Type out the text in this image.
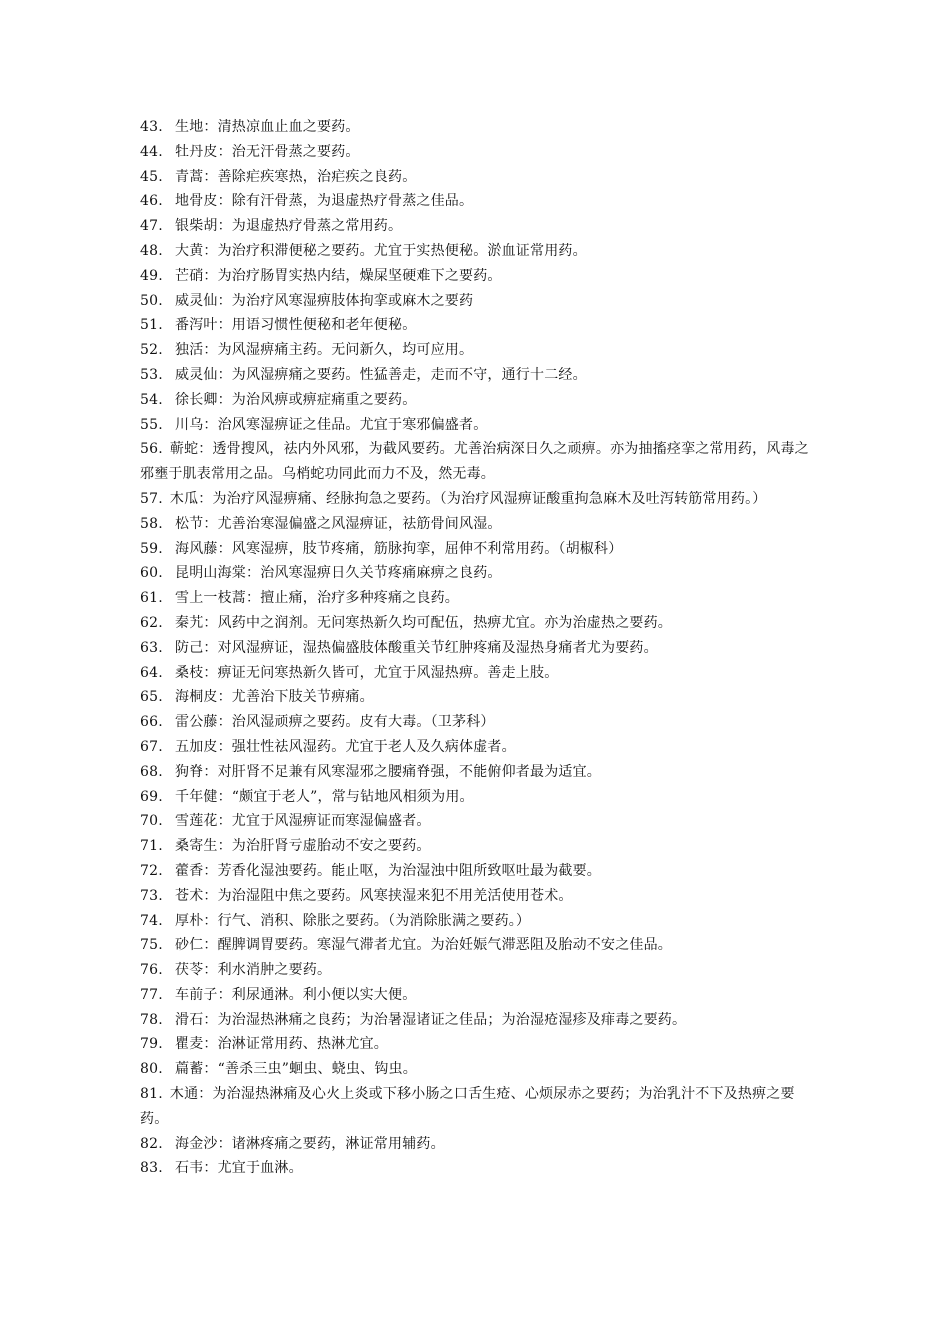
43. 生地：清热凉血止血之要药。
44. 牡丹皮：治无汗骨蒸之要药。
45. 青蒿：善除疟疾寒热，治疟疾之良药。
46. 地骨皮：除有汗骨蒸，为退虚热疗骨蒸之佳品。
47. 银柴胡：为退虚热疗骨蒸之常用药。
48. 大黄：为治疗积滞便秘之要药。尤宜于实热便秘。淤血证常用药。
49. 芒硝：为治疗肠胃实热内结，燥屎坚硬难下之要药。
50. 威灵仙：为治疗风寒湿痹肢体拘挛或麻木之要药
51. 番泻叶：用语习惯性便秘和老年便秘。
52. 独活：为风湿痹痛主药。无问新久，均可应用。
53. 威灵仙：为风湿痹痛之要药。性猛善走，走而不守，通行十二经。
54. 徐长卿：为治风痹或痹症痛重之要药。
55. 川乌：治风寒湿痹证之佳品。尤宜于寒邪偏盛者。
56. 蕲蛇：透骨搜风，祛内外风邪，为截风要药。尤善治病深日久之顽痹。亦为抽搐痉挛之常用药，风毒之邪壅于肌表常用之品。乌梢蛇功同此而力不及，然无毒。
57. 木瓜：为治疗风湿痹痛、经脉拘急之要药。（为治疗风湿痹证酸重拘急麻木及吐泻转筋常用药。）
58. 松节：尤善治寒湿偏盛之风湿痹证，祛筋骨间风湿。
59. 海风藤：风寒湿痹，肢节疼痛，筋脉拘挛，屈伸不利常用药。（胡椒科）
60. 昆明山海棠：治风寒湿痹日久关节疼痛麻痹之良药。
61. 雪上一枝蒿：擅止痛，治疗多种疼痛之良药。
62. 秦艽：风药中之润剂。无问寒热新久均可配伍，热痹尤宜。亦为治虚热之要药。
63. 防己：对风湿痹证，湿热偏盛肢体酸重关节红肿疼痛及湿热身痛者尤为要药。
64. 桑枝：痹证无问寒热新久皆可，尤宜于风湿热痹。善走上肢。
65. 海桐皮：尤善治下肢关节痹痛。
66. 雷公藤：治风湿顽痹之要药。皮有大毒。（卫茅科）
67. 五加皮：强壮性祛风湿药。尤宜于老人及久病体虚者。
68. 狗脊：对肝肾不足兼有风寒湿邪之腰痛脊强，不能俯仰者最为适宜。
69. 千年健：“颇宜于老人”，常与钻地风相须为用。
70. 雪莲花：尤宜于风湿痹证而寒湿偏盛者。
71. 桑寄生：为治肝肾亏虚胎动不安之要药。
72. 藿香：芳香化湿浊要药。能止呕，为治湿浊中阻所致呕吐最为截要。
73. 苍术：为治湿阻中焦之要药。风寒挟湿来犯不用羌活使用苍术。
74. 厚朴：行气、消积、除胀之要药。（为消除胀满之要药。）
75. 砂仁：醒脾调胃要药。寒湿气滞者尤宜。为治妊娠气滞恶阻及胎动不安之佳品。
76. 茯苓：利水消肿之要药。
77. 车前子：利尿通淋。利小便以实大便。
78. 滑石：为治湿热淋痛之良药；为治暑湿诸证之佳品；为治湿疮湿疹及痱毒之要药。
79. 瞿麦：治淋证常用药、热淋尤宜。
80. 萹蓄：“善杀三虫”蛔虫、蛲虫、钩虫。
81. 木通：为治湿热淋痛及心火上炎或下移小肠之口舌生疮、心烦尿赤之要药；为治乳汁不下及热痹之要药。
82. 海金沙：诸淋疼痛之要药，淋证常用辅药。
83. 石韦：尤宜于血淋。
